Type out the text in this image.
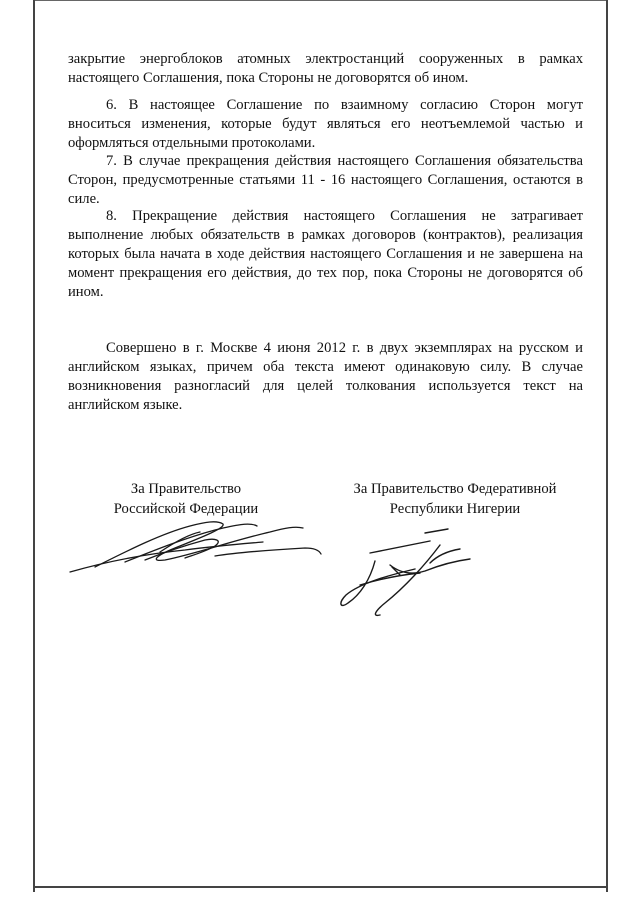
закрытие энергоблоков атомных электростанций сооруженных в рамках настоящего Соглашения, пока Стороны не договорятся об ином.

6. В настоящее Соглашение по взаимному согласию Сторон могут вноситься изменения, которые будут являться его неотъемлемой частью и оформляться отдельными протоколами.

7. В случае прекращения действия настоящего Соглашения обязательства Сторон, предусмотренные статьями 11 - 16 настоящего Соглашения, остаются в силе.

8. Прекращение действия настоящего Соглашения не затрагивает выполнение любых обязательств в рамках договоров (контрактов), реализация которых была начата в ходе действия настоящего Соглашения и не завершена на момент прекращения его действия, до тех пор, пока Стороны не договорятся об ином.

Совершено в г. Москве 4 июня 2012 г. в двух экземплярах на русском и английском языках, причем оба текста имеют одинаковую силу. В случае возникновения разногласий для целей толкования используется текст на английском языке.

За Правительство
Российской Федерации
За Правительство Федеративной
Республики Нигерии
